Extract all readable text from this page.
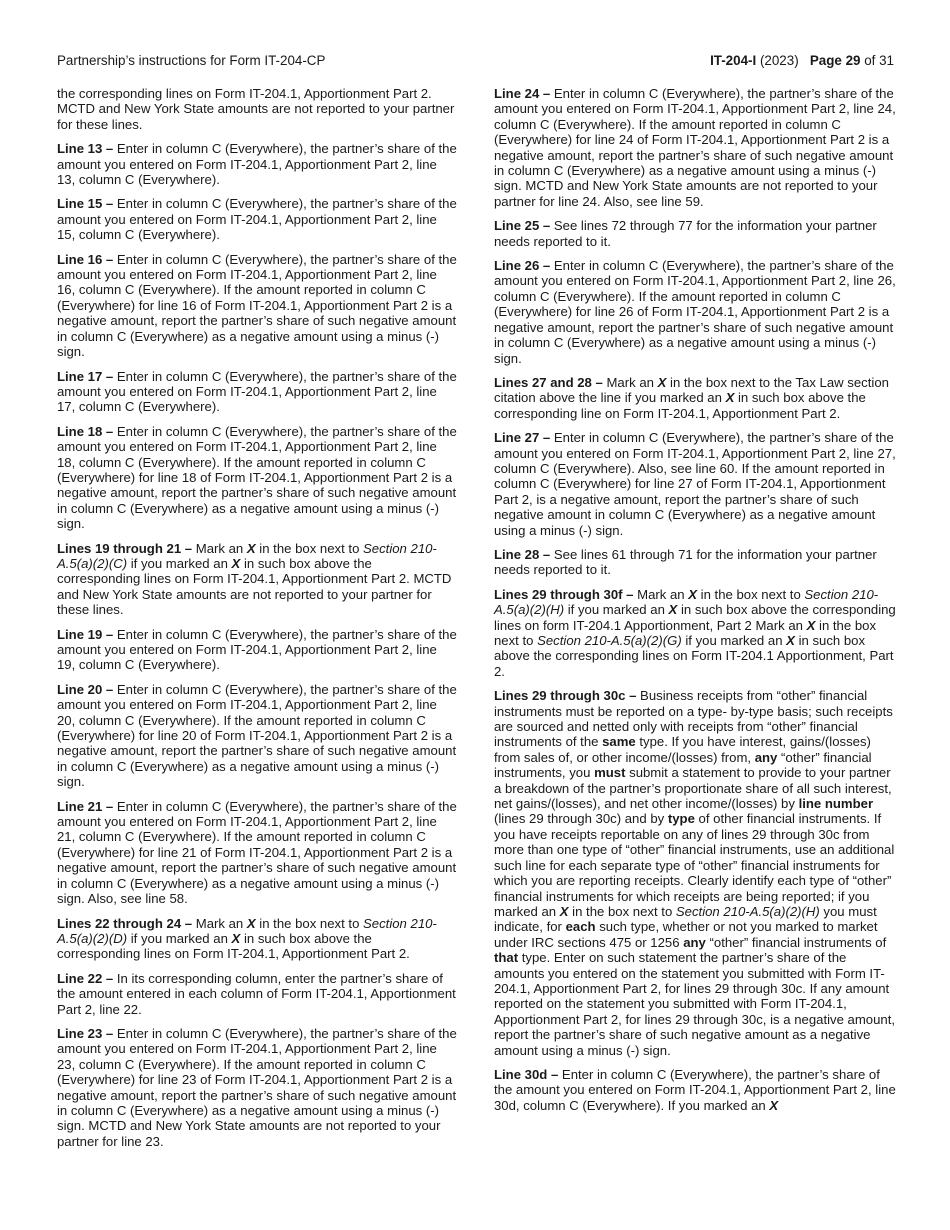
Partnership’s instructions for Form IT-204-CP	IT-204-I (2023) Page 29 of 31

the corresponding lines on Form IT-204.1, Apportionment Part 2. MCTD and New York State amounts are not reported to your partner for these lines.

Line 13 – Enter in column C (Everywhere), the partner’s share of the amount you entered on Form IT-204.1, Apportionment Part 2, line 13, column C (Everywhere).

Line 15 – Enter in column C (Everywhere), the partner’s share of the amount you entered on Form IT-204.1, Apportionment Part 2, line 15, column C (Everywhere).

Line 16 – Enter in column C (Everywhere), the partner’s share of the amount you entered on Form IT-204.1, Apportionment Part 2, line 16, column C (Everywhere). If the amount reported in column C (Everywhere) for line 16 of Form IT-204.1, Apportionment Part 2 is a negative amount, report the partner’s share of such negative amount in column C (Everywhere) as a negative amount using a minus (-) sign.

Line 17 – Enter in column C (Everywhere), the partner’s share of the amount you entered on Form IT-204.1, Apportionment Part 2, line 17, column C (Everywhere).

Line 18 – Enter in column C (Everywhere), the partner’s share of the amount you entered on Form IT-204.1, Apportionment Part 2, line 18, column C (Everywhere). If the amount reported in column C (Everywhere) for line 18 of Form IT-204.1, Apportionment Part 2 is a negative amount, report the partner’s share of such negative amount in column C (Everywhere) as a negative amount using a minus (-) sign.

Lines 19 through 21 – Mark an X in the box next to Section 210-A.5(a)(2)(C) if you marked an X in such box above the corresponding lines on Form IT-204.1, Apportionment Part 2. MCTD and New York State amounts are not reported to your partner for these lines.

Line 19 – Enter in column C (Everywhere), the partner’s share of the amount you entered on Form IT-204.1, Apportionment Part 2, line 19, column C (Everywhere).

Line 20 – Enter in column C (Everywhere), the partner’s share of the amount you entered on Form IT-204.1, Apportionment Part 2, line 20, column C (Everywhere). If the amount reported in column C (Everywhere) for line 20 of Form IT-204.1, Apportionment Part 2 is a negative amount, report the partner’s share of such negative amount in column C (Everywhere) as a negative amount using a minus (-) sign.

Line 21 – Enter in column C (Everywhere), the partner’s share of the amount you entered on Form IT-204.1, Apportionment Part 2, line 21, column C (Everywhere). If the amount reported in column C (Everywhere) for line 21 of Form IT-204.1, Apportionment Part 2 is a negative amount, report the partner’s share of such negative amount in column C (Everywhere) as a negative amount using a minus (-) sign. Also, see line 58.

Lines 22 through 24 – Mark an X in the box next to Section 210-A.5(a)(2)(D) if you marked an X in such box above the corresponding lines on Form IT-204.1, Apportionment Part 2.

Line 22 – In its corresponding column, enter the partner’s share of the amount entered in each column of Form IT-204.1, Apportionment Part 2, line 22.

Line 23 – Enter in column C (Everywhere), the partner’s share of the amount you entered on Form IT-204.1, Apportionment Part 2, line 23, column C (Everywhere). If the amount reported in column C (Everywhere) for line 23 of Form IT-204.1, Apportionment Part 2 is a negative amount, report the partner’s share of such negative amount in column C (Everywhere) as a negative amount using a minus (-) sign. MCTD and New York State amounts are not reported to your partner for line 23.

Line 24 – Enter in column C (Everywhere), the partner’s share of the amount you entered on Form IT-204.1, Apportionment Part 2, line 24, column C (Everywhere). If the amount reported in column C (Everywhere) for line 24 of Form IT-204.1, Apportionment Part 2 is a negative amount, report the partner’s share of such negative amount in column C (Everywhere) as a negative amount using a minus (-) sign. MCTD and New York State amounts are not reported to your partner for line 24. Also, see line 59.

Line 25 – See lines 72 through 77 for the information your partner needs reported to it.

Line 26 – Enter in column C (Everywhere), the partner’s share of the amount you entered on Form IT-204.1, Apportionment Part 2, line 26, column C (Everywhere). If the amount reported in column C (Everywhere) for line 26 of Form IT-204.1, Apportionment Part 2 is a negative amount, report the partner’s share of such negative amount in column C (Everywhere) as a negative amount using a minus (-) sign.

Lines 27 and 28 – Mark an X in the box next to the Tax Law section citation above the line if you marked an X in such box above the corresponding line on Form IT-204.1, Apportionment Part 2.

Line 27 – Enter in column C (Everywhere), the partner’s share of the amount you entered on Form IT-204.1, Apportionment Part 2, line 27, column C (Everywhere). Also, see line 60. If the amount reported in column C (Everywhere) for line 27 of Form IT-204.1, Apportionment Part 2, is a negative amount, report the partner’s share of such negative amount in column C (Everywhere) as a negative amount using a minus (-) sign.

Line 28 – See lines 61 through 71 for the information your partner needs reported to it.

Lines 29 through 30f – Mark an X in the box next to Section 210-A.5(a)(2)(H) if you marked an X in such box above the corresponding lines on form IT-204.1 Apportionment, Part 2 Mark an X in the box next to Section 210-A.5(a)(2)(G) if you marked an X in such box above the corresponding lines on Form IT-204.1 Apportionment, Part 2.

Lines 29 through 30c – Business receipts from “other” financial instruments must be reported on a type- by-type basis; such receipts are sourced and netted only with receipts from “other” financial instruments of the same type. If you have interest, gains/(losses) from sales of, or other income/(losses) from, any “other” financial instruments, you must submit a statement to provide to your partner a breakdown of the partner’s proportionate share of all such interest, net gains/(losses), and net other income/(losses) by line number (lines 29 through 30c) and by type of other financial instruments. If you have receipts reportable on any of lines 29 through 30c from more than one type of “other” financial instruments, use an additional such line for each separate type of “other” financial instruments for which you are reporting receipts. Clearly identify each type of “other” financial instruments for which receipts are being reported; if you marked an X in the box next to Section 210-A.5(a)(2)(H) you must indicate, for each such type, whether or not you marked to market under IRC sections 475 or 1256 any “other” financial instruments of that type. Enter on such statement the partner’s share of the amounts you entered on the statement you submitted with Form IT-204.1, Apportionment Part 2, for lines 29 through 30c. If any amount reported on the statement you submitted with Form IT-204.1, Apportionment Part 2, for lines 29 through 30c, is a negative amount, report the partner’s share of such negative amount as a negative amount using a minus (-) sign.

Line 30d – Enter in column C (Everywhere), the partner’s share of the amount you entered on Form IT-204.1, Apportionment Part 2, line 30d, column C (Everywhere). If you marked an X
